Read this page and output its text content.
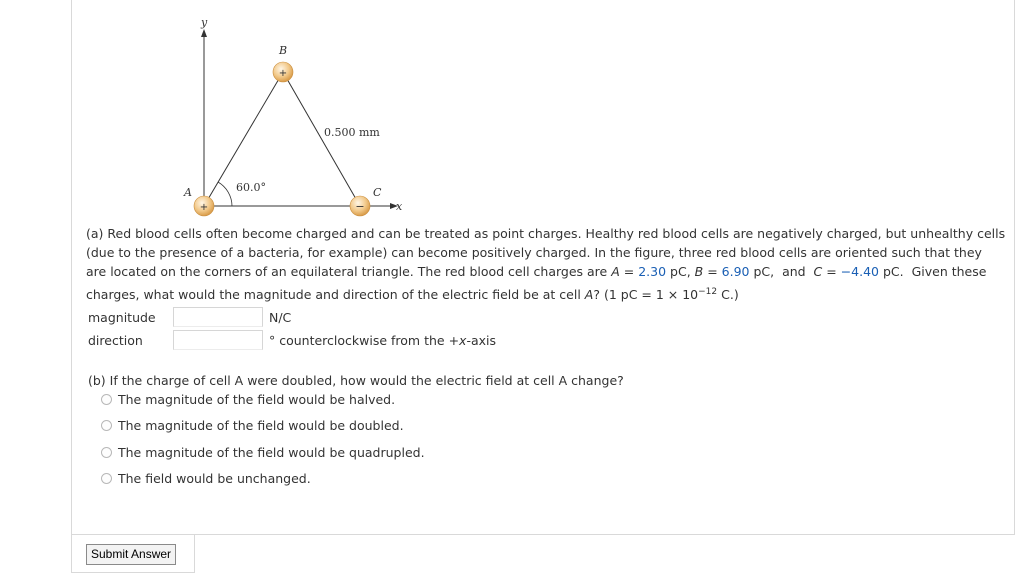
y
x
60.0°
0.500 mm
+
+
−
A
B
C
(a) Red blood cells often become charged and can be treated as point charges. Healthy red blood cells are negatively charged, but unhealthy cells
(due to the presence of a bacteria, for example) can become positively charged. In the figure, three red blood cells are oriented such that they
are located on the corners of an equilateral triangle. The red blood cell charges are A = 2.30 pC, B = 6.90 pC,  and  C = −4.40 pC.  Given these
charges, what would the magnitude and direction of the electric field be at cell A? (1 pC = $1 \times 10^{-12}$ C.)
magnitude	N/C
direction	° counterclockwise from the +x-axis
(b) If the charge of cell A were doubled, how would the electric field at cell A change?
The magnitude of the field would be halved.
The magnitude of the field would be doubled.
The magnitude of the field would be quadrupled.
The field would be unchanged.
Submit Answer
